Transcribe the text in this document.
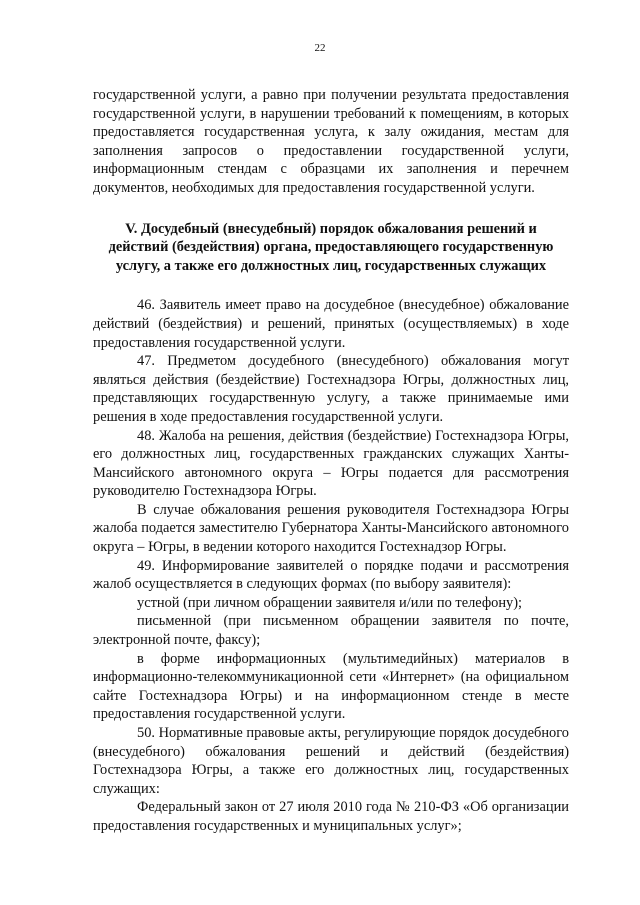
22

государственной услуги, а равно при получении результата предоставления государственной услуги, в нарушении требований к помещениям, в которых предоставляется государственная услуга, к залу ожидания, местам для заполнения запросов о предоставлении государственной услуги, информационным стендам с образцами их заполнения и перечнем документов, необходимых для предоставления государственной услуги.

V. Досудебный (внесудебный) порядок обжалования решений и действий (бездействия) органа, предоставляющего государственную услугу, а также его должностных лиц, государственных служащих

46. Заявитель имеет право на досудебное (внесудебное) обжалование действий (бездействия) и решений, принятых (осуществляемых) в ходе предоставления государственной услуги.

47. Предметом досудебного (внесудебного) обжалования могут являться действия (бездействие) Гостехнадзора Югры, должностных лиц, представляющих государственную услугу, а также принимаемые ими решения в ходе предоставления государственной услуги.

48. Жалоба на решения, действия (бездействие) Гостехнадзора Югры, его должностных лиц, государственных гражданских служащих Ханты-Мансийского автономного округа – Югры подается для рассмотрения руководителю Гостехнадзора Югры.

В случае обжалования решения руководителя Гостехнадзора Югры жалоба подается заместителю Губернатора Ханты-Мансийского автономного округа – Югры, в ведении которого находится Гостехнадзор Югры.

49. Информирование заявителей о порядке подачи и рассмотрения жалоб осуществляется в следующих формах (по выбору заявителя):

устной (при личном обращении заявителя и/или по телефону);

письменной (при письменном обращении заявителя по почте, электронной почте, факсу);

в форме информационных (мультимедийных) материалов в информационно-телекоммуникационной сети «Интернет» (на официальном сайте Гостехнадзора Югры) и на информационном стенде в месте предоставления государственной услуги.

50. Нормативные правовые акты, регулирующие порядок досудебного (внесудебного) обжалования решений и действий (бездействия) Гостехнадзора Югры, а также его должностных лиц, государственных служащих:

Федеральный закон от 27 июля 2010 года № 210-ФЗ «Об организации предоставления государственных и муниципальных услуг»;
